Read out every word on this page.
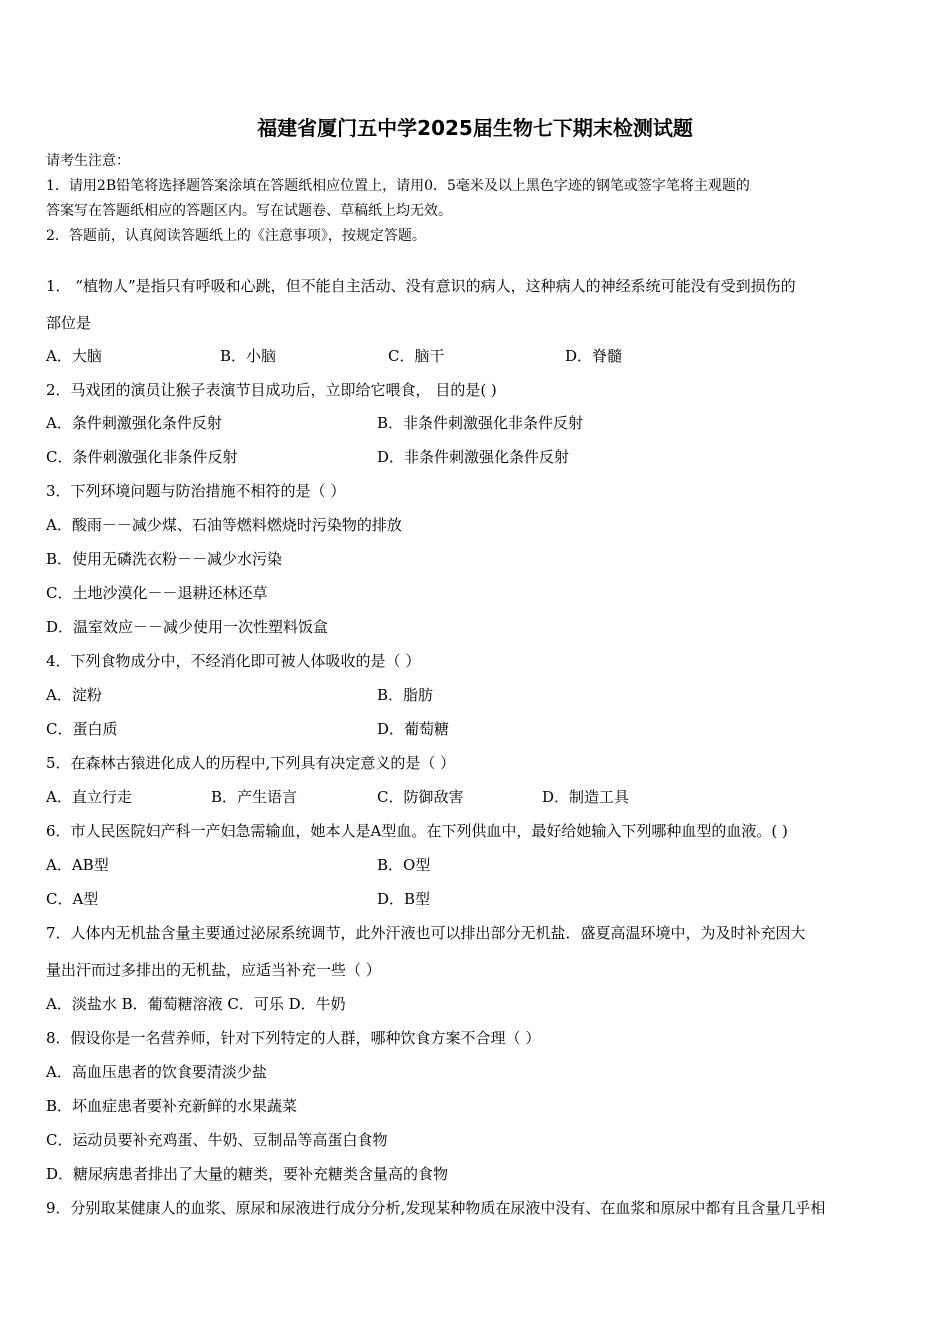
福建省厦门五中学2025届生物七下期末检测试题
请考生注意：
1．请用2B铅笔将选择题答案涂填在答题纸相应位置上，请用0．5毫米及以上黑色字迹的钢笔或签字笔将主观题的
答案写在答题纸相应的答题区内。写在试题卷、草稿纸上均无效。
2．答题前，认真阅读答题纸上的《注意事项》，按规定答题。
1． “植物人”是指只有呼吸和心跳，但不能自主活动、没有意识的病人，这种病人的神经系统可能没有受到损伤的
部位是
A．大脑	B．小脑	C．脑干	D．脊髓
2．马戏团的演员让猴子表演节目成功后，立即给它喂食， 目的是( )
A．条件刺激强化条件反射	B．非条件刺激强化非条件反射
C．条件刺激强化非条件反射	D．非条件刺激强化条件反射
3．下列环境问题与防治措施不相符的是（ ）
A．酸雨－－减少煤、石油等燃料燃烧时污染物的排放
B．使用无磷洗衣粉－－减少水污染
C．土地沙漠化－－退耕还林还草
D．温室效应－－减少使用一次性塑料饭盒
4．下列食物成分中，不经消化即可被人体吸收的是（ ）
A．淀粉	B．脂肪
C．蛋白质	D．葡萄糖
5．在森林古猿进化成人的历程中,下列具有决定意义的是（ ）
A．直立行走	B．产生语言	C．防御敌害	D．制造工具
6．市人民医院妇产科一产妇急需输血，她本人是A型血。在下列供血中，最好给她输入下列哪种血型的血液。( )
A．AB型	B．O型
C．A型	D．B型
7．人体内无机盐含量主要通过泌尿系统调节，此外汗液也可以排出部分无机盐．盛夏高温环境中，为及时补充因大
量出汗而过多排出的无机盐，应适当补充一些（ ）
A．淡盐水 B．葡萄糖溶液 C．可乐 D．牛奶
8．假设你是一名营养师，针对下列特定的人群，哪种饮食方案不合理（ ）
A．高血压患者的饮食要清淡少盐
B．坏血症患者要补充新鲜的水果蔬菜
C．运动员要补充鸡蛋、牛奶、豆制品等高蛋白食物
D．糖尿病患者排出了大量的糖类，要补充糖类含量高的食物
9．分别取某健康人的血浆、原尿和尿液进行成分分析,发现某种物质在尿液中没有、在血浆和原尿中都有且含量几乎相
